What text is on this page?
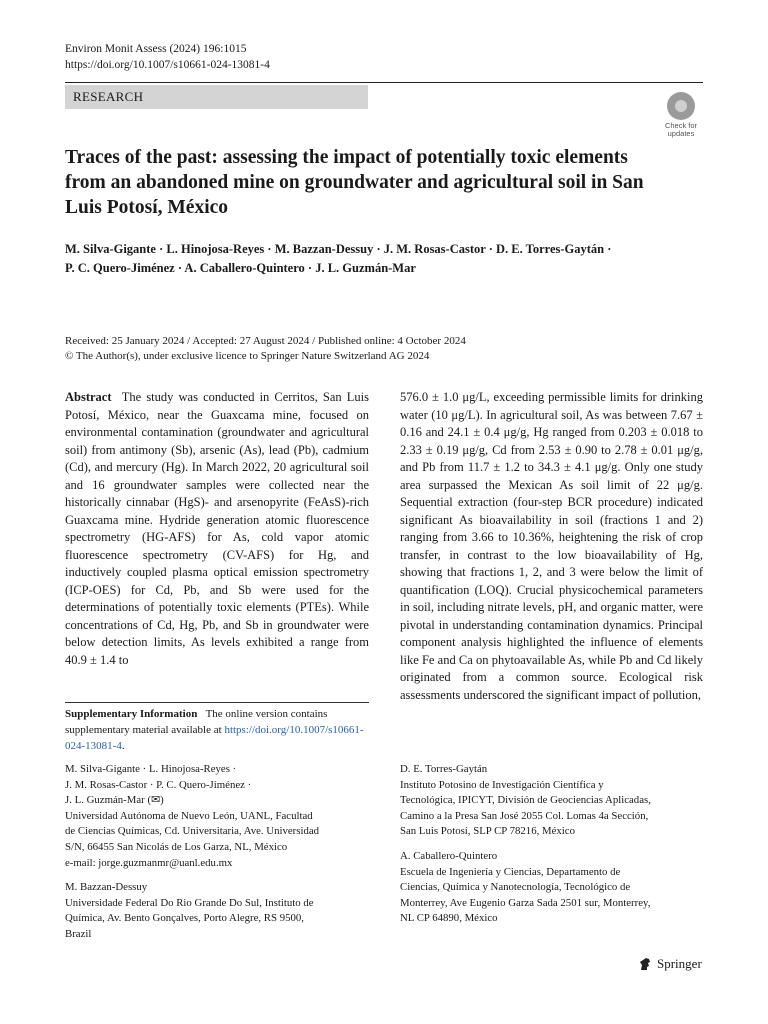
Environ Monit Assess (2024) 196:1015
https://doi.org/10.1007/s10661-024-13081-4
RESEARCH
Check for
updates
Traces of the past: assessing the impact of potentially toxic elements from an abandoned mine on groundwater and agricultural soil in San Luis Potosí, México
M. Silva-Gigante · L. Hinojosa-Reyes · M. Bazzan-Dessuy · J. M. Rosas-Castor · D. E. Torres-Gaytán ·
P. C. Quero-Jiménez · A. Caballero-Quintero · J. L. Guzmán-Mar
Received: 25 January 2024 / Accepted: 27 August 2024 / Published online: 4 October 2024
© The Author(s), under exclusive licence to Springer Nature Switzerland AG 2024
Abstract The study was conducted in Cerritos, San Luis Potosí, México, near the Guaxcama mine, focused on environmental contamination (groundwater and agricultural soil) from antimony (Sb), arsenic (As), lead (Pb), cadmium (Cd), and mercury (Hg). In March 2022, 20 agricultural soil and 16 groundwater samples were collected near the historically cinnabar (HgS)- and arsenopyrite (FeAsS)-rich Guaxcama mine. Hydride generation atomic fluorescence spectrometry (HG-AFS) for As, cold vapor atomic fluorescence spectrometry (CV-AFS) for Hg, and inductively coupled plasma optical emission spectrometry (ICP-OES) for Cd, Pb, and Sb were used for the determinations of potentially toxic elements (PTEs). While concentrations of Cd, Hg, Pb, and Sb in groundwater were below detection limits, As levels exhibited a range from 40.9 ± 1.4 to
576.0 ± 1.0 μg/L, exceeding permissible limits for drinking water (10 μg/L). In agricultural soil, As was between 7.67 ± 0.16 and 24.1 ± 0.4 μg/g, Hg ranged from 0.203 ± 0.018 to 2.33 ± 0.19 μg/g, Cd from 2.53 ± 0.90 to 2.78 ± 0.01 μg/g, and Pb from 11.7 ± 1.2 to 34.3 ± 4.1 μg/g. Only one study area surpassed the Mexican As soil limit of 22 μg/g. Sequential extraction (four-step BCR procedure) indicated significant As bioavailability in soil (fractions 1 and 2) ranging from 3.66 to 10.36%, heightening the risk of crop transfer, in contrast to the low bioavailability of Hg, showing that fractions 1, 2, and 3 were below the limit of quantification (LOQ). Crucial physicochemical parameters in soil, including nitrate levels, pH, and organic matter, were pivotal in understanding contamination dynamics. Principal component analysis highlighted the influence of elements like Fe and Ca on phytoavailable As, while Pb and Cd likely originated from a common source. Ecological risk assessments underscored the significant impact of pollution,
Supplementary Information The online version contains supplementary material available at https://doi.org/10.1007/s10661-024-13081-4.
M. Silva-Gigante · L. Hinojosa-Reyes ·
J. M. Rosas-Castor · P. C. Quero-Jiménez ·
J. L. Guzmán-Mar (✉)
Universidad Autónoma de Nuevo León, UANL, Facultad
de Ciencias Químicas, Cd. Universitaria, Ave. Universidad
S/N, 66455 San Nicolás de Los Garza, NL, México
e-mail: jorge.guzmanmr@uanl.edu.mx
M. Bazzan-Dessuy
Universidade Federal Do Rio Grande Do Sul, Instituto de
Química, Av. Bento Gonçalves, Porto Alegre, RS 9500,
Brazil
D. E. Torres-Gaytán
Instituto Potosino de Investigación Científica y
Tecnológica, IPICYT, División de Geociencias Aplicadas,
Camino a la Presa San José 2055 Col. Lomas 4a Sección,
San Luis Potosí, SLP CP 78216, México
A. Caballero-Quintero
Escuela de Ingeniería y Ciencias, Departamento de
Ciencias, Química y Nanotecnología, Tecnológico de
Monterrey, Ave Eugenio Garza Sada 2501 sur, Monterrey,
NL CP 64890, México
Springer
